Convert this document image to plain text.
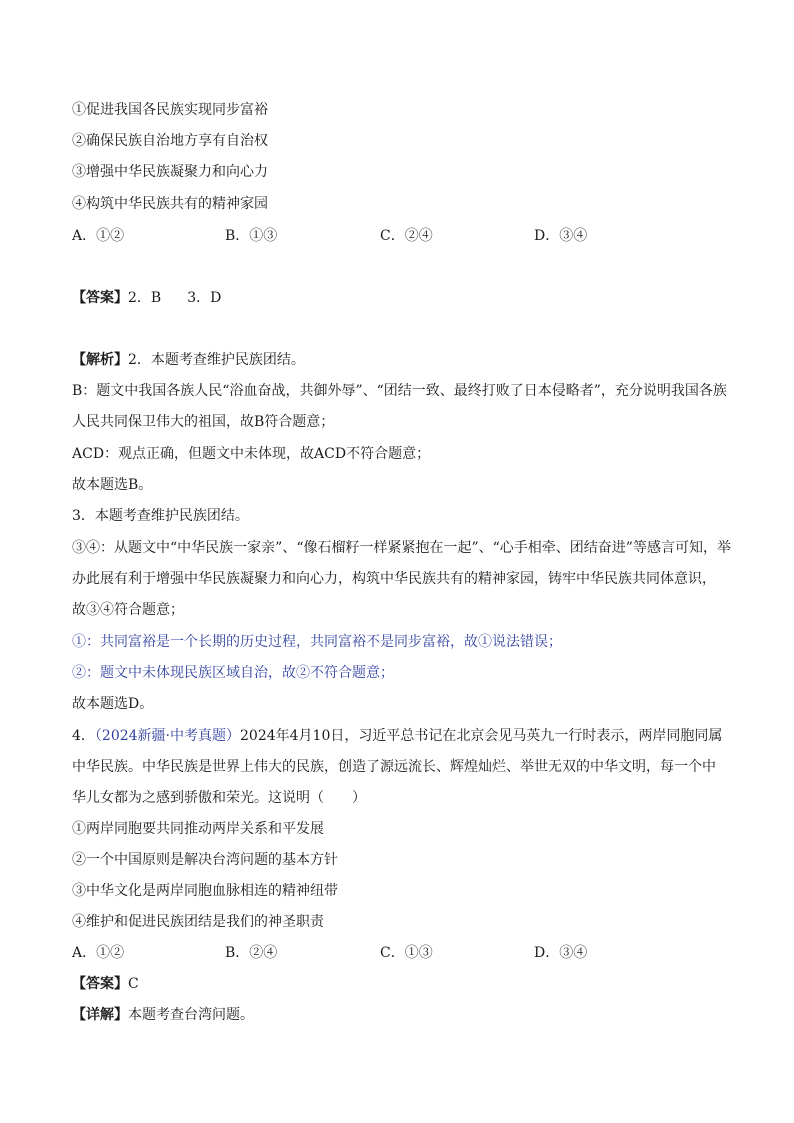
①促进我国各民族实现同步富裕
②确保民族自治地方享有自治权
③增强中华民族凝聚力和向心力
④构筑中华民族共有的精神家园
A．①②	B．①③	C．②④	D．③④
【答案】2．B 3．D
【解析】2．本题考查维护民族团结。
B：题文中我国各族人民“浴血奋战，共御外辱”、“团结一致、最终打败了日本侵略者”，充分说明我国各族
人民共同保卫伟大的祖国，故B符合题意；
ACD：观点正确，但题文中未体现，故ACD不符合题意；
故本题选B。
3．本题考查维护民族团结。
③④：从题文中“中华民族一家亲”、“像石榴籽一样紧紧抱在一起”、“心手相牵、团结奋进”等感言可知，举
办此展有利于增强中华民族凝聚力和向心力，构筑中华民族共有的精神家园，铸牢中华民族共同体意识，
故③④符合题意；
①：共同富裕是一个长期的历史过程，共同富裕不是同步富裕，故①说法错误；
②：题文中未体现民族区域自治，故②不符合题意；
故本题选D。
4．（2024新疆·中考真题）2024年4月10日，习近平总书记在北京会见马英九一行时表示，两岸同胞同属
中华民族。中华民族是世界上伟大的民族，创造了源远流长、辉煌灿烂、举世无双的中华文明，每一个中
华儿女都为之感到骄傲和荣光。这说明（　　）
①两岸同胞要共同推动两岸关系和平发展
②一个中国原则是解决台湾问题的基本方针
③中华文化是两岸同胞血脉相连的精神纽带
④维护和促进民族团结是我们的神圣职责
A．①②	B．②④	C．①③	D．③④
【答案】C
【详解】本题考查台湾问题。
